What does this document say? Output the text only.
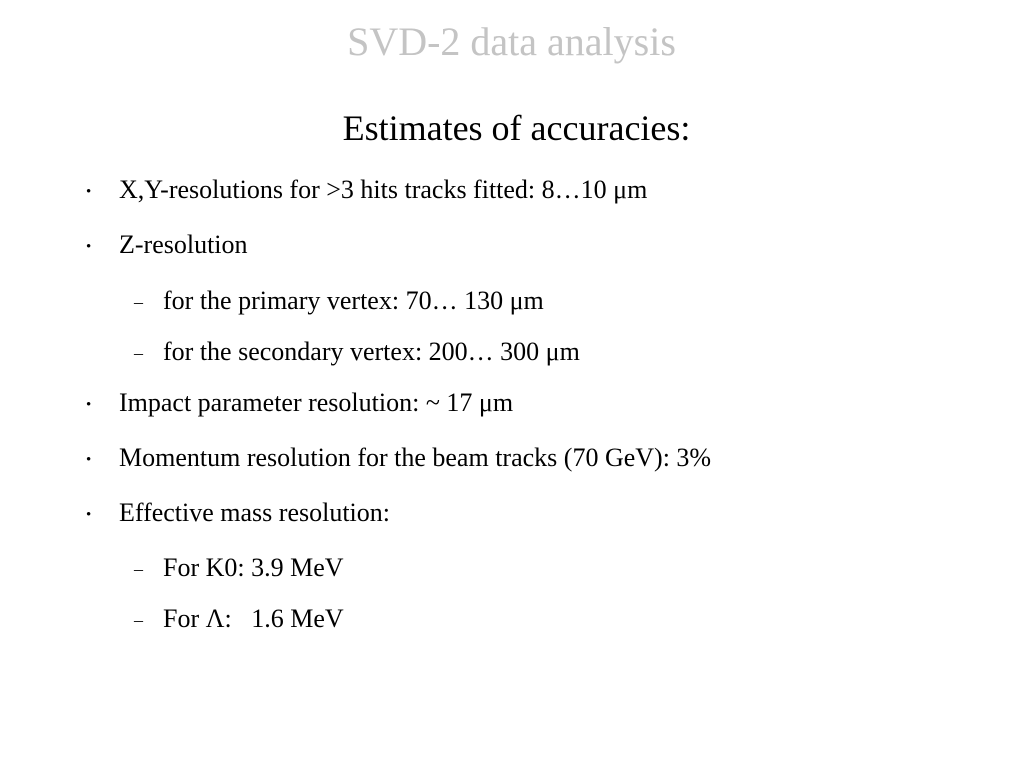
SVD-2 data analysis
Estimates of accuracies:
• X,Y-resolutions for >3 hits tracks fitted: 8…10 μm
• Z-resolution
– for the primary vertex: 70… 130 μm
– for the secondary vertex: 200… 300 μm
• Impact parameter resolution: ~ 17 μm
• Momentum resolution for the beam tracks (70 GeV): 3%
• Effective mass resolution:
– For K0: 3.9 MeV
– For Λ:   1.6 MeV
